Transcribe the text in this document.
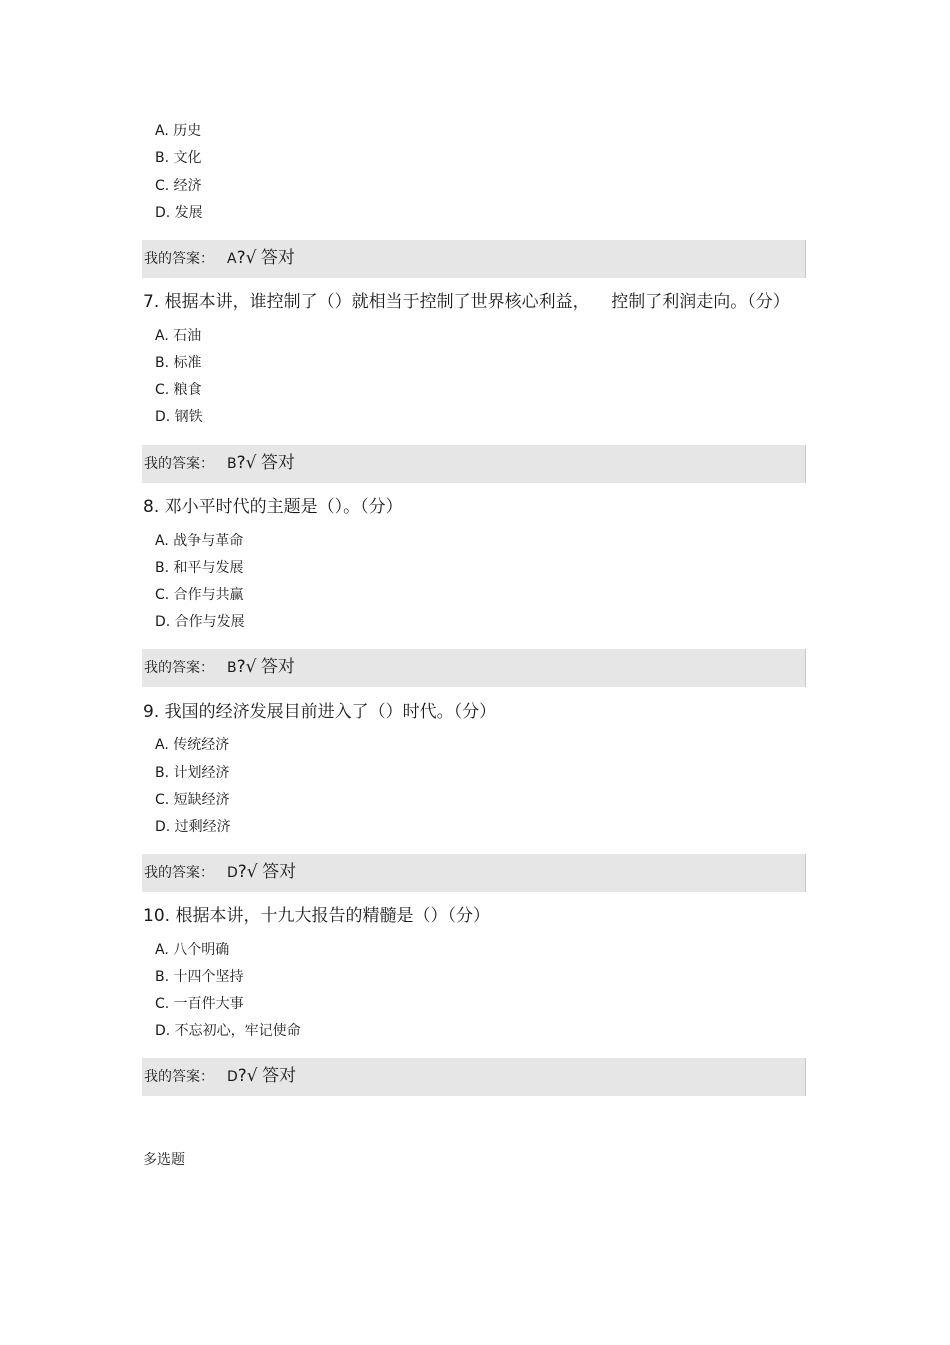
A. 历史
B. 文化
C. 经济
D. 发展
我的答案： A?√ 答对
7. 根据本讲，谁控制了（）就相当于控制了世界核心利益，    控制了利润走向。（分）
A. 石油
B. 标准
C. 粮食
D. 钢铁
我的答案： B?√ 答对
8. 邓小平时代的主题是（）。（分）
A. 战争与革命
B. 和平与发展
C. 合作与共赢
D. 合作与发展
我的答案： B?√ 答对
9. 我国的经济发展目前进入了（）时代。（分）
A. 传统经济
B. 计划经济
C. 短缺经济
D. 过剩经济
我的答案： D?√ 答对
10. 根据本讲，十九大报告的精髓是（）（分）
A. 八个明确
B. 十四个坚持
C. 一百件大事
D. 不忘初心，牢记使命
我的答案： D?√ 答对
多选题
